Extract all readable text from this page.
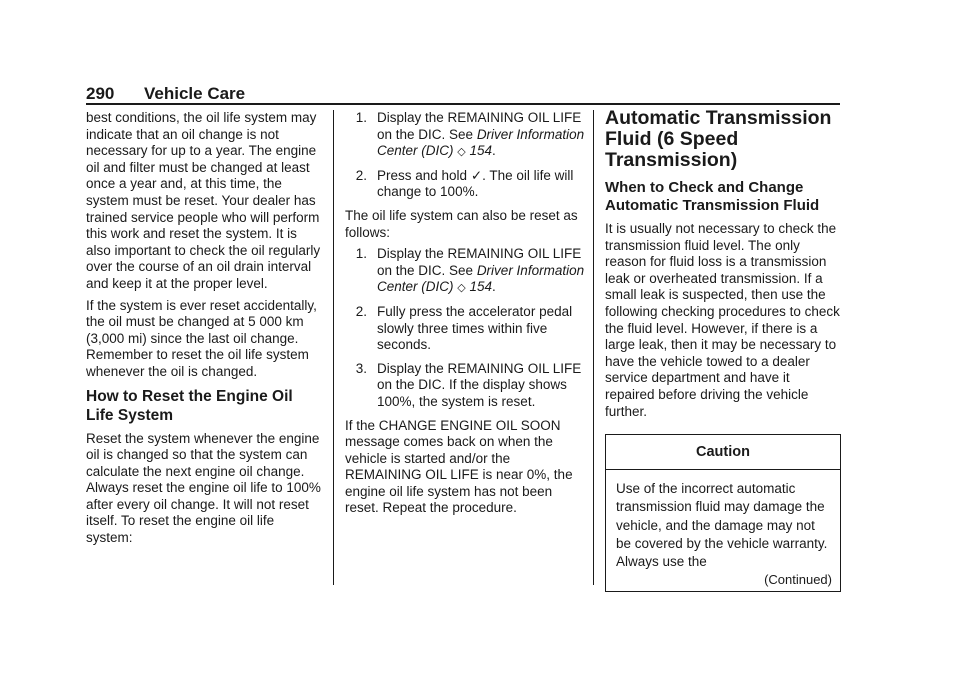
290 Vehicle Care

best conditions, the oil life system may indicate that an oil change is not necessary for up to a year. The engine oil and filter must be changed at least once a year and, at this time, the system must be reset. Your dealer has trained service people who will perform this work and reset the system. It is also important to check the oil regularly over the course of an oil drain interval and keep it at the proper level.

If the system is ever reset accidentally, the oil must be changed at 5 000 km (3,000 mi) since the last oil change. Remember to reset the oil life system whenever the oil is changed.

How to Reset the Engine Oil Life System

Reset the system whenever the engine oil is changed so that the system can calculate the next engine oil change. Always reset the engine oil life to 100% after every oil change. It will not reset itself. To reset the engine oil life system:

1. Display the REMAINING OIL LIFE on the DIC. See Driver Information Center (DIC) ◇ 154.
2. Press and hold ✓. The oil life will change to 100%.

The oil life system can also be reset as follows:

1. Display the REMAINING OIL LIFE on the DIC. See Driver Information Center (DIC) ◇ 154.
2. Fully press the accelerator pedal slowly three times within five seconds.
3. Display the REMAINING OIL LIFE on the DIC. If the display shows 100%, the system is reset.

If the CHANGE ENGINE OIL SOON message comes back on when the vehicle is started and/or the REMAINING OIL LIFE is near 0%, the engine oil life system has not been reset. Repeat the procedure.

Automatic Transmission Fluid (6 Speed Transmission)
When to Check and Change Automatic Transmission Fluid

It is usually not necessary to check the transmission fluid level. The only reason for fluid loss is a transmission leak or overheated transmission. If a small leak is suspected, then use the following checking procedures to check the fluid level. However, if there is a large leak, then it may be necessary to have the vehicle towed to a dealer service department and have it repaired before driving the vehicle further.

Caution
Use of the incorrect automatic transmission fluid may damage the vehicle, and the damage may not be covered by the vehicle warranty. Always use the
(Continued)
